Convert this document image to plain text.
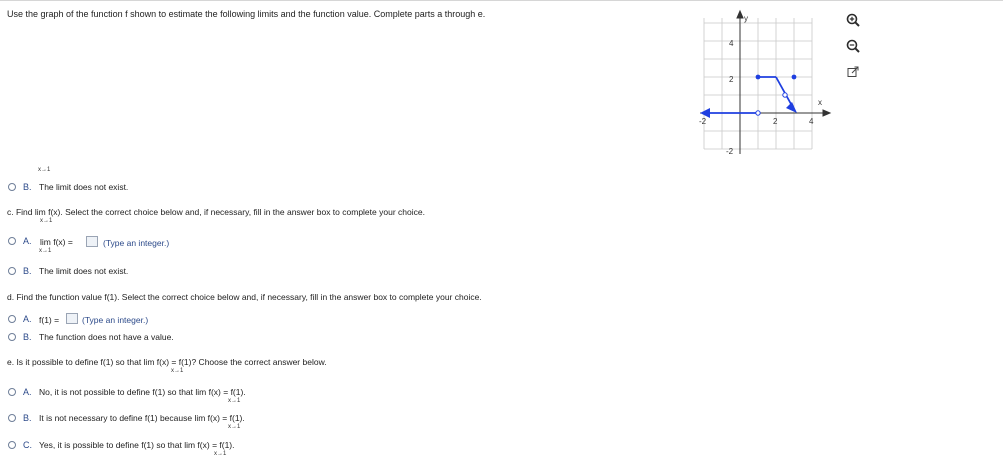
Use the graph of the function f shown to estimate the following limits and the function value. Complete parts a through e.
x
y
-2	2	4
4
2
-2
x→1
B. The limit does not exist.
c. Find lim f(x). Select the correct choice below and, if necessary, fill in the answer box to complete your choice.
x→1
A. lim f(x) =
x→1
(Type an integer.)
B. The limit does not exist.
d. Find the function value f(1). Select the correct choice below and, if necessary, fill in the answer box to complete your choice.
A. f(1) =	(Type an integer.)
B. The function does not have a value.
e. Is it possible to define f(1) so that lim f(x) = f(1)? Choose the correct answer below.
x→1
A. No, it is not possible to define f(1) so that lim f(x) = f(1).
x→1
B. It is not necessary to define f(1) because lim f(x) = f(1).
x→1
C. Yes, it is possible to define f(1) so that lim f(x) = f(1).
x→1
